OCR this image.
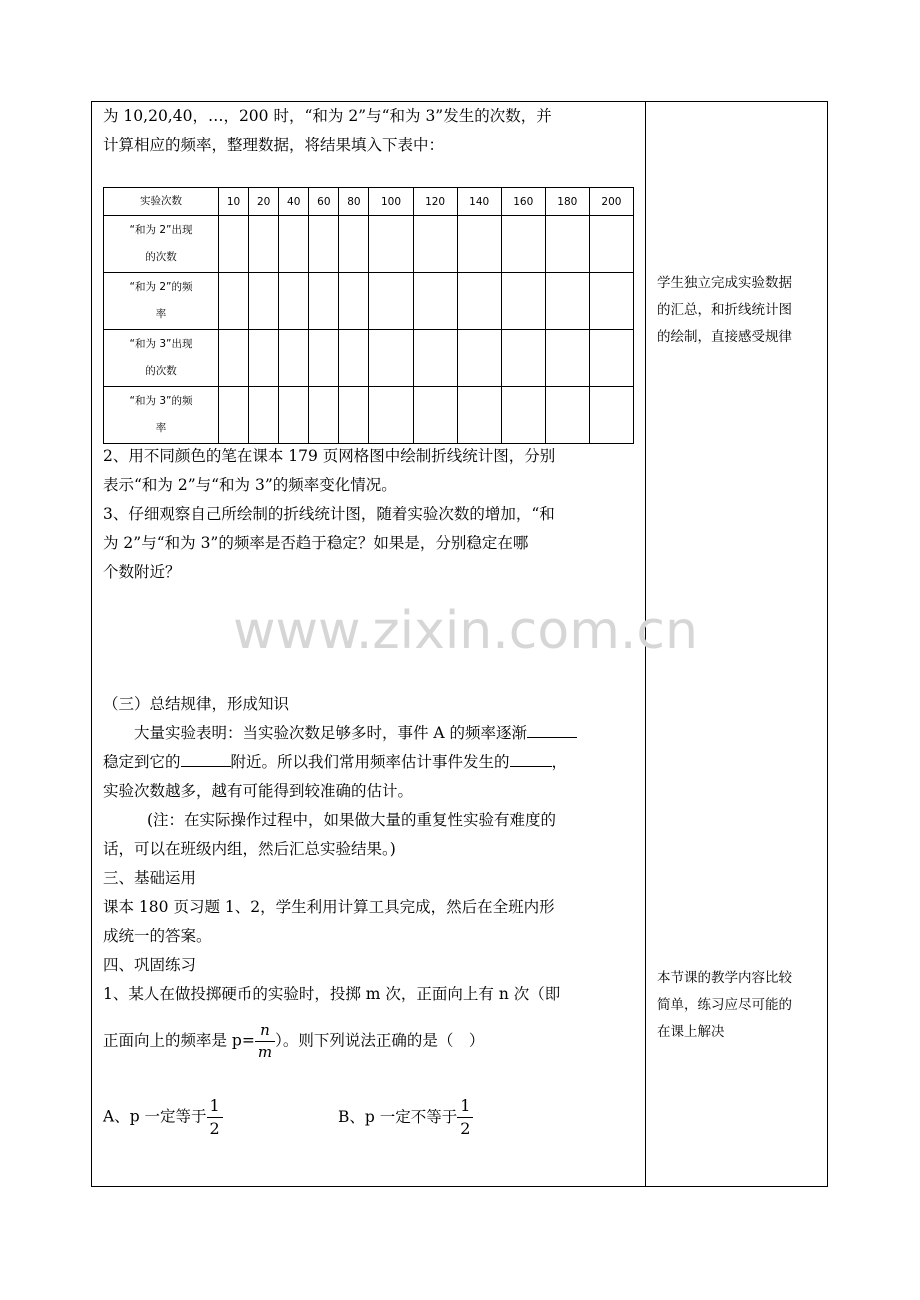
为 10,20,40，…，200 时，“和为 2”与“和为 3”发生的次数，并
计算相应的频率，整理数据，将结果填入下表中：
2、用不同颜色的笔在课本 179 页网格图中绘制折线统计图，分别
表示“和为 2”与“和为 3”的频率变化情况。
3、仔细观察自己所绘制的折线统计图，随着实验次数的增加，“和
为 2”与“和为 3”的频率是否趋于稳定？如果是，分别稳定在哪
个数附近？
（三）总结规律，形成知识
大量实验表明：当实验次数足够多时，事件 A 的频率逐渐
稳定到它的	附近。所以我们常用频率估计事件发生的	，
实验次数越多，越有可能得到较准确的估计。
(注：在实际操作过程中，如果做大量的重复性实验有难度的
话，可以在班级内组，然后汇总实验结果。)
三、基础运用
课本 180 页习题 1、2，学生利用计算工具完成，然后在全班内形
成统一的答案。
四、巩固练习
1、某人在做投掷硬币的实验时，投掷 m 次，正面向上有 n 次（即
正面向上的频率是 $p= \frac{n}{m}$ ）。则下列说法正确的是（　）
A、p 一定等于 $\frac{1}{2}$	B、p 一定不等于 $\frac{1}{2}$
实验次数	10	20	40	60	80	100	120	140	160	180	200

“和为 2”出现
的次数											

“和为 2”的频
率											

“和为 3”出现
的次数											

“和为 3”的频
率											

学生独立完成实验数据
的汇总，和折线统计图
的绘制，直接感受规律
本节课的教学内容比较
简单，练习应尽可能的
在课上解决
www.zixin.com.cn
